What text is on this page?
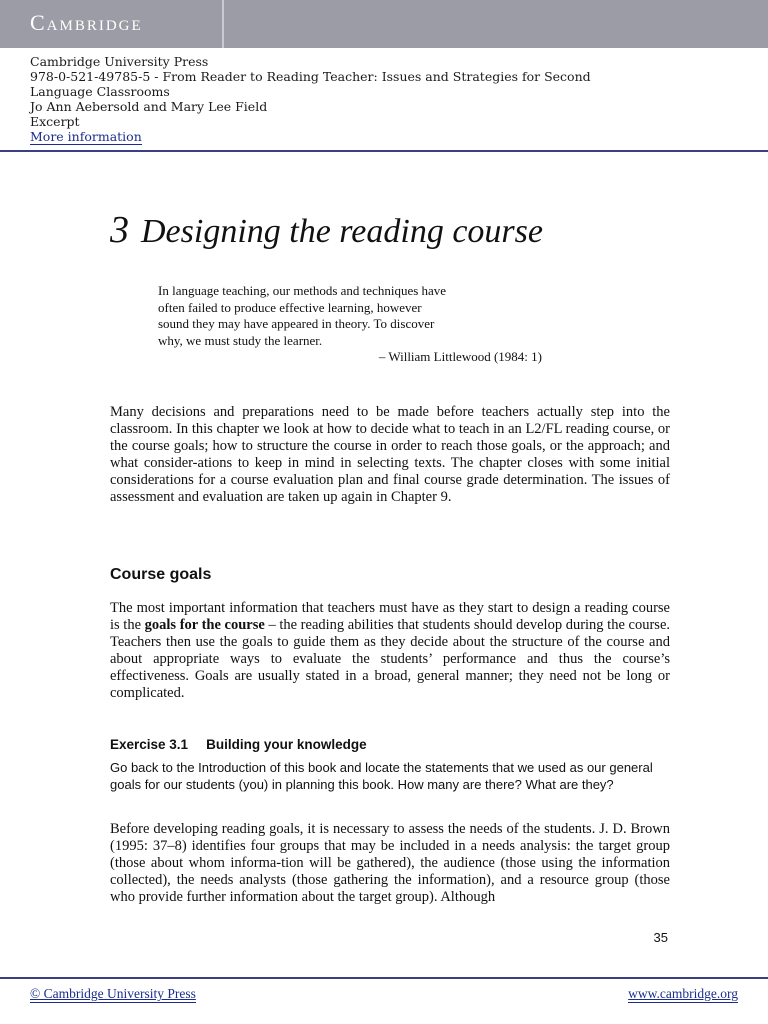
Cambridge
Cambridge University Press
978-0-521-49785-5 - From Reader to Reading Teacher: Issues and Strategies for Second
Language Classrooms
Jo Ann Aebersold and Mary Lee Field
Excerpt
More information
3 Designing the reading course
In language teaching, our methods and techniques have
often failed to produce effective learning, however
sound they may have appeared in theory. To discover
why, we must study the learner.
– William Littlewood (1984: 1)
Many decisions and preparations need to be made before teachers actually step into the classroom. In this chapter we look at how to decide what to teach in an L2/FL reading course, or the course goals; how to structure the course in order to reach those goals, or the approach; and what consider-ations to keep in mind in selecting texts. The chapter closes with some initial considerations for a course evaluation plan and final course grade determination. The issues of assessment and evaluation are taken up again in Chapter 9.
Course goals
The most important information that teachers must have as they start to design a reading course is the goals for the course – the reading abilities that students should develop during the course. Teachers then use the goals to guide them as they decide about the structure of the course and about appropriate ways to evaluate the students’ performance and thus the course’s effectiveness. Goals are usually stated in a broad, general manner; they need not be long or complicated.
Exercise 3.1 Building your knowledge
Go back to the Introduction of this book and locate the statements that we used as our general goals for our students (you) in planning this book. How many are there? What are they?
Before developing reading goals, it is necessary to assess the needs of the students. J. D. Brown (1995: 37–8) identifies four groups that may be included in a needs analysis: the target group (those about whom informa-tion will be gathered), the audience (those using the information collected), the needs analysts (those gathering the information), and a resource group (those who provide further information about the target group). Although
35
© Cambridge University Press	www.cambridge.org
